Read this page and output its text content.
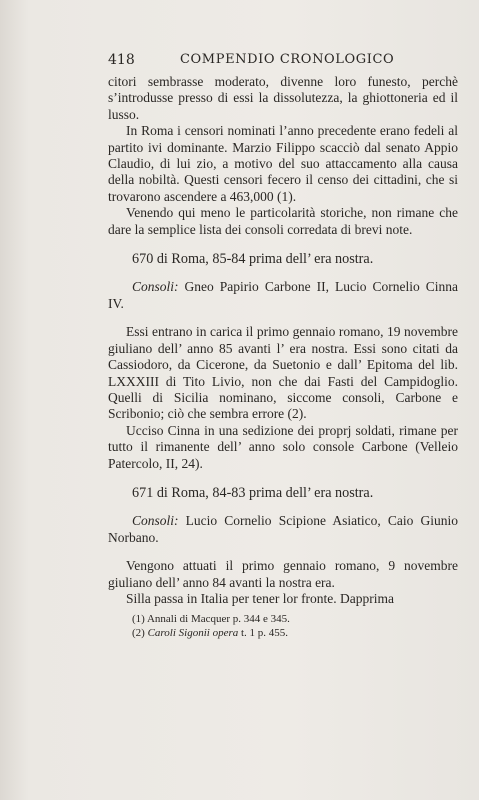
418	COMPENDIO CRONOLOGICO

citori sembrasse moderato, divenne loro funesto, perchè s’introdusse presso di essi la dissolutezza, la ghiottoneria ed il lusso.

In Roma i censori nominati l’anno precedente erano fedeli al partito ivi dominante. Marzio Filippo scacciò dal senato Appio Claudio, di lui zio, a motivo del suo attaccamento alla causa della nobiltà. Questi censori fecero il censo dei cittadini, che si trovarono ascendere a 463,000 (1).

Venendo qui meno le particolarità storiche, non rimane che dare la semplice lista dei consoli corredata di brevi note.

670 di Roma, 85-84 prima dell’ era nostra.

Consoli: Gneo Papirio Carbone II, Lucio Cornelio Cinna IV.

Essi entrano in carica il primo gennaio romano, 19 novembre giuliano dell’ anno 85 avanti l’ era nostra. Essi sono citati da Cassiodoro, da Cicerone, da Suetonio e dall’ Epitoma del lib. LXXXIII di Tito Livio, non che dai Fasti del Campidoglio. Quelli di Sicilia nominano, siccome consoli, Carbone e Scribonio; ciò che sembra errore (2).

Ucciso Cinna in una sedizione dei proprj soldati, rimane per tutto il rimanente dell’ anno solo console Carbone (Velleio Patercolo, II, 24).

671 di Roma, 84-83 prima dell’ era nostra.

Consoli: Lucio Cornelio Scipione Asiatico, Caio Giunio Norbano.

Vengono attuati il primo gennaio romano, 9 novembre giuliano dell’ anno 84 avanti la nostra era.

Silla passa in Italia per tener lor fronte. Dapprima

(1) Annali di Macquer p. 344 e 345.
(2) Caroli Sigonii opera t. 1 p. 455.
